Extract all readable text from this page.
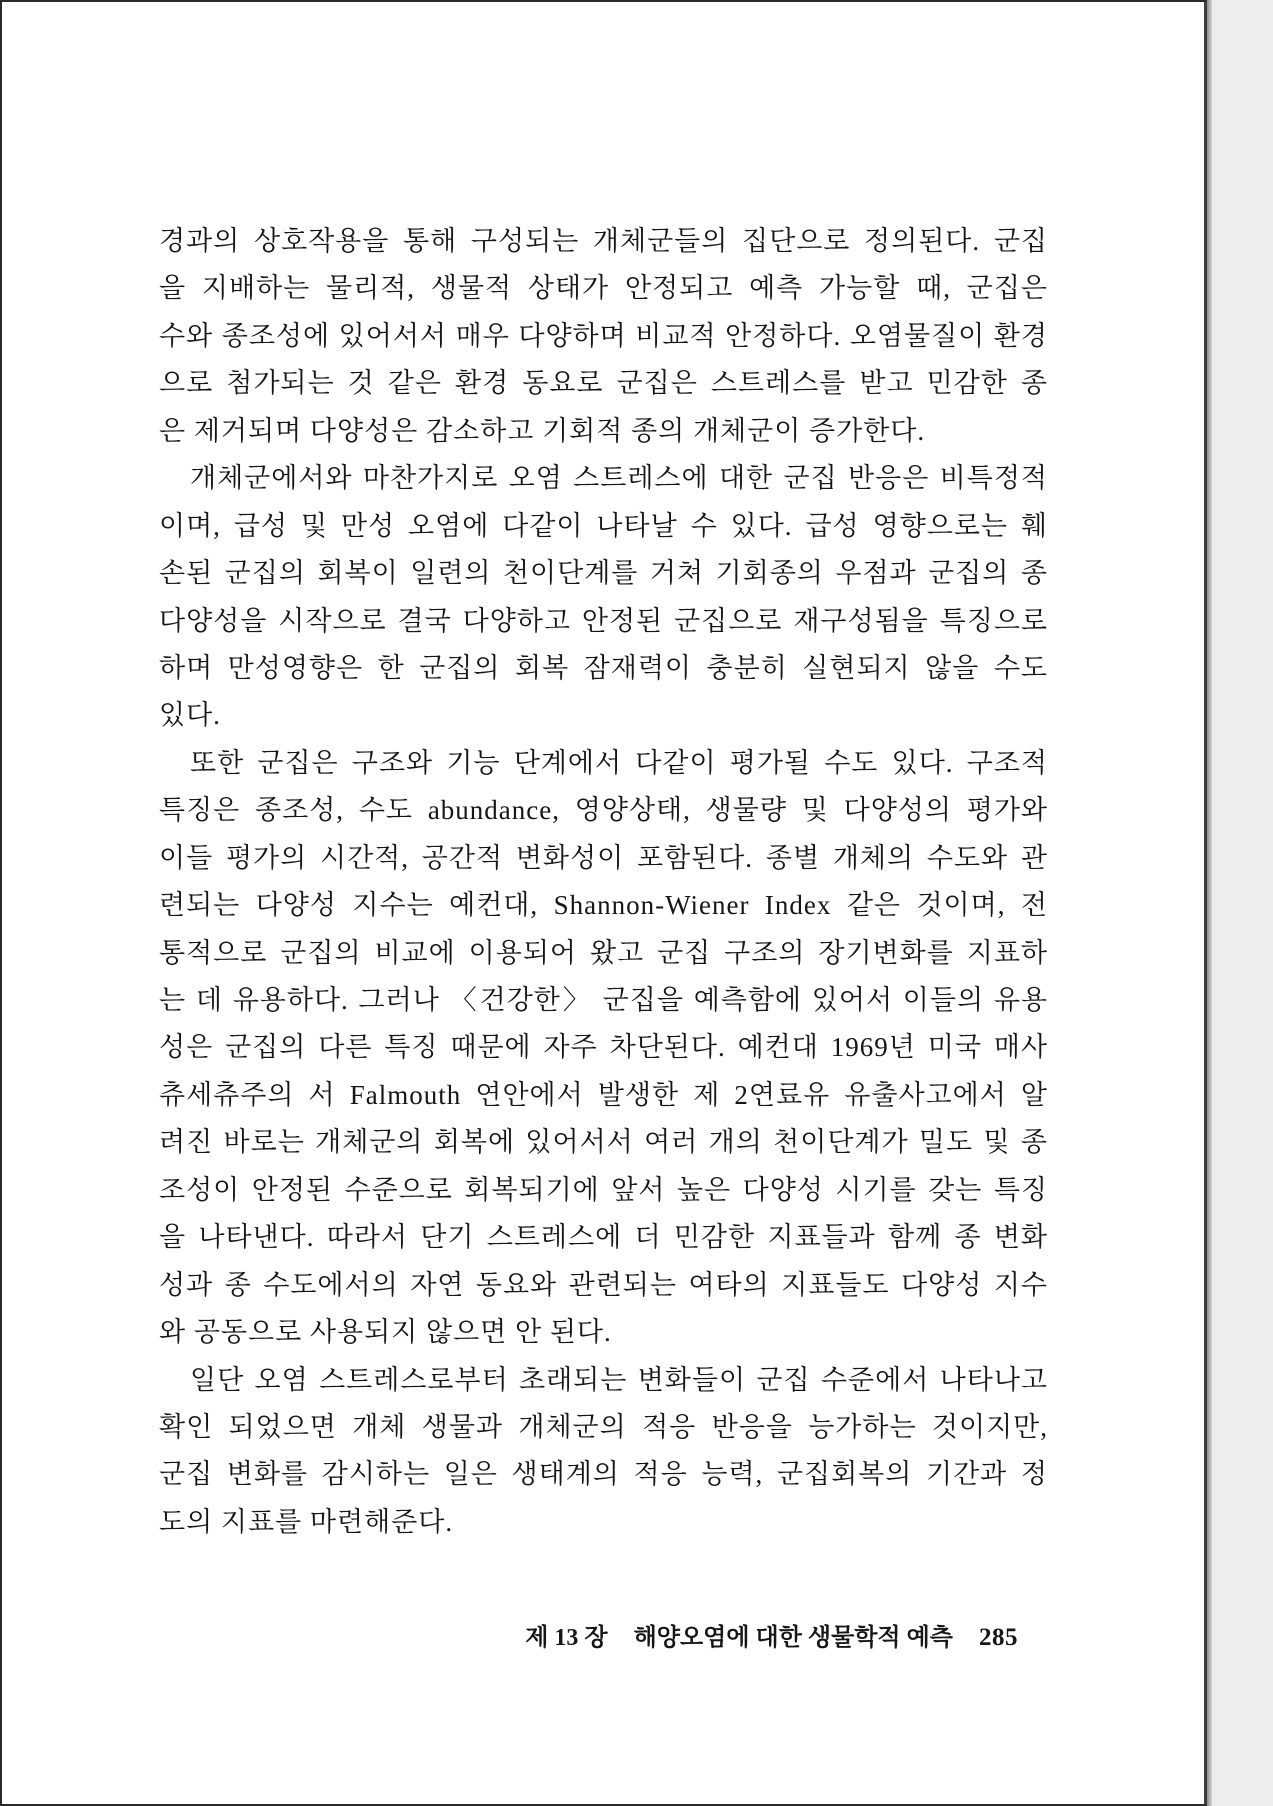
경과의 상호작용을 통해 구성되는 개체군들의 집단으로 정의된다. 군집
을 지배하는 물리적, 생물적 상태가 안정되고 예측 가능할 때, 군집은
수와 종조성에 있어서서 매우 다양하며 비교적 안정하다. 오염물질이 환경
으로 첨가되는 것 같은 환경 동요로 군집은 스트레스를 받고 민감한 종
은 제거되며 다양성은 감소하고 기회적 종의 개체군이 증가한다.
개체군에서와 마찬가지로 오염 스트레스에 대한 군집 반응은 비특정적
이며, 급성 및 만성 오염에 다같이 나타날 수 있다. 급성 영향으로는 훼
손된 군집의 회복이 일련의 천이단계를 거쳐 기회종의 우점과 군집의 종
다양성을 시작으로 결국 다양하고 안정된 군집으로 재구성됨을 특징으로
하며 만성영향은 한 군집의 회복 잠재력이 충분히 실현되지 않을 수도
있다.
또한 군집은 구조와 기능 단계에서 다같이 평가될 수도 있다. 구조적
특징은 종조성, 수도 abundance, 영양상태, 생물량 및 다양성의 평가와
이들 평가의 시간적, 공간적 변화성이 포함된다. 종별 개체의 수도와 관
련되는 다양성 지수는 예컨대, Shannon-Wiener Index 같은 것이며, 전
통적으로 군집의 비교에 이용되어 왔고 군집 구조의 장기변화를 지표하
는 데 유용하다. 그러나 〈건강한〉 군집을 예측함에 있어서 이들의 유용
성은 군집의 다른 특징 때문에 자주 차단된다. 예컨대 1969년 미국 매사
츄세츄주의 서 Falmouth 연안에서 발생한 제 2연료유 유출사고에서 알
려진 바로는 개체군의 회복에 있어서서 여러 개의 천이단계가 밀도 및 종
조성이 안정된 수준으로 회복되기에 앞서 높은 다양성 시기를 갖는 특징
을 나타낸다. 따라서 단기 스트레스에 더 민감한 지표들과 함께 종 변화
성과 종 수도에서의 자연 동요와 관련되는 여타의 지표들도 다양성 지수
와 공동으로 사용되지 않으면 안 된다.
일단 오염 스트레스로부터 초래되는 변화들이 군집 수준에서 나타나고
확인 되었으면 개체 생물과 개체군의 적응 반응을 능가하는 것이지만,
군집 변화를 감시하는 일은 생태계의 적응 능력, 군집회복의 기간과 정
도의 지표를 마련해준다.
제 13 장 해양오염에 대한 생물학적 예측 285
